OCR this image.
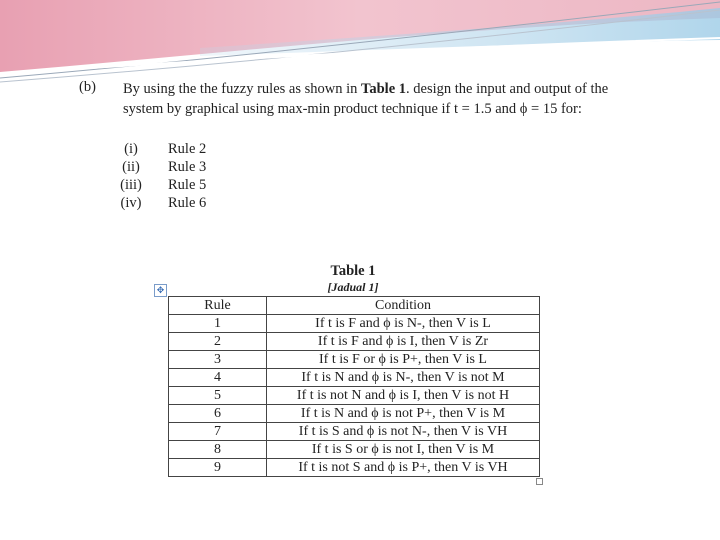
(b) By using the the fuzzy rules as shown in Table 1. design the input and output of the system by graphical using max-min product technique if t = 1.5 and ϕ = 15 for:
(i)	Rule 2
(ii)	Rule 3
(iii)	Rule 5
(iv)	Rule 6
Table 1
[Jadual 1]
✥
Rule	Condition
1	If t is F and ϕ is N-, then V is L
2	If t is F and ϕ is I, then V is Zr
3	If t is F or ϕ is P+, then V is L
4	If t is N and ϕ is N-, then V is not M
5	If t is not N and ϕ is I, then V is not H
6	If t is N and ϕ is not P+, then V is M
7	If t is S and ϕ is not N-, then V is VH
8	If t is S or ϕ is not I, then V is M
9	If t is not S and ϕ is P+, then V is VH
